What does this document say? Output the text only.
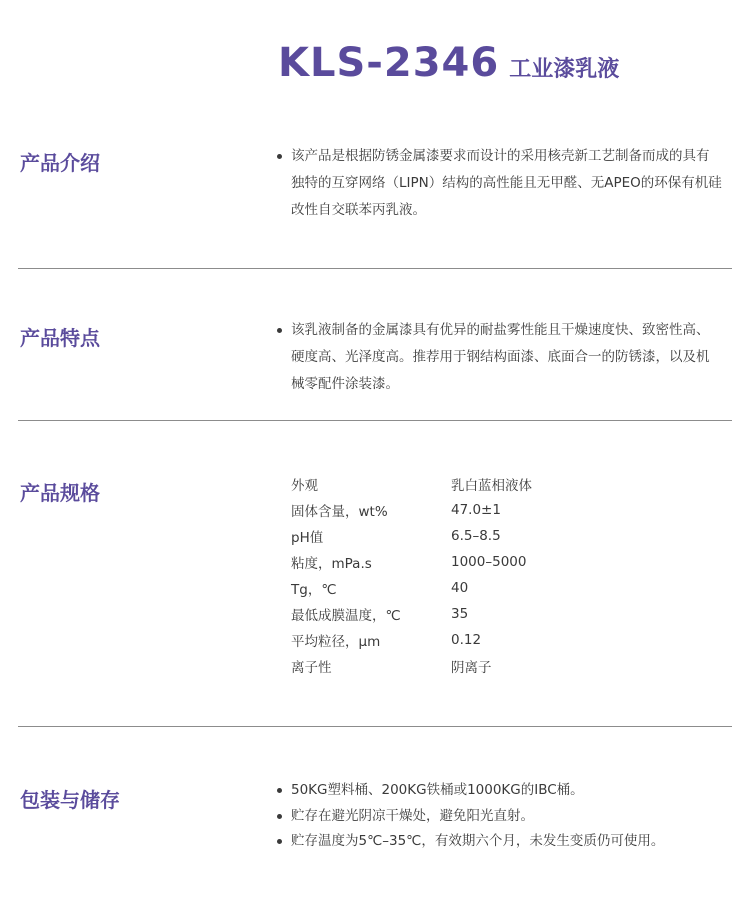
KLS-2346 工业漆乳液
产品介绍	该产品是根据防锈金属漆要求而设计的采用核壳新工艺制备而成的具有
独特的互穿网络（LIPN）结构的高性能且无甲醛、无APEO的环保有机硅
改性自交联苯丙乳液。
产品特点	该乳液制备的金属漆具有优异的耐盐雾性能且干燥速度快、致密性高、
硬度高、光泽度高。推荐用于钢结构面漆、底面合一的防锈漆，以及机
械零配件涂装漆。
产品规格	外观	乳白蓝相液体
固体含量，wt%	47.0±1
pH值	6.5–8.5
粘度，mPa.s	1000–5000
Tg，℃	40
最低成膜温度，℃	35
平均粒径，μm	0.12
离子性	阴离子
包装与储存	50KG塑料桶、200KG铁桶或1000KG的IBC桶。
贮存在避光阴凉干燥处，避免阳光直射。
贮存温度为5℃–35℃，有效期六个月，未发生变质仍可使用。
